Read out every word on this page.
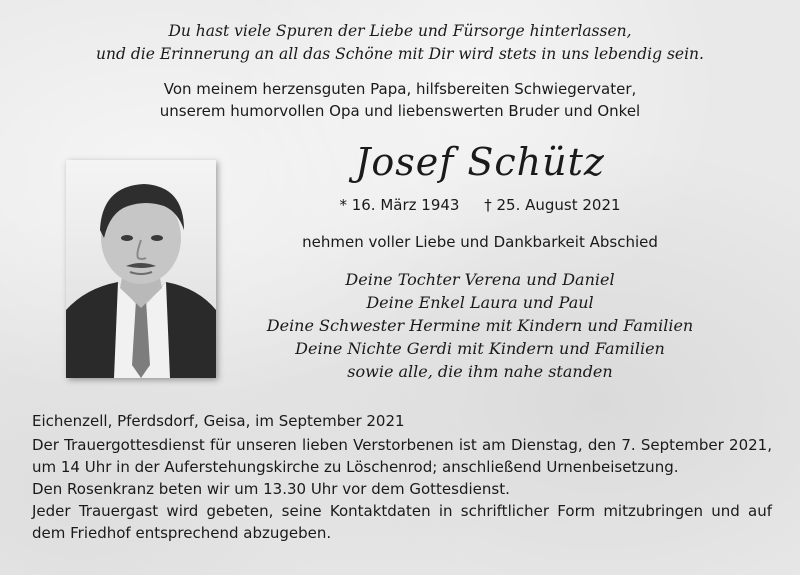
Du hast viele Spuren der Liebe und Fürsorge hinterlassen,
und die Erinnerung an all das Schöne mit Dir wird stets in uns lebendig sein.
Von meinem herzensguten Papa, hilfsbereiten Schwiegervater,
unserem humorvollen Opa und liebenswerten Bruder und Onkel
Josef Schütz
* 16. März 1943 † 25. August 2021
nehmen voller Liebe und Dankbarkeit Abschied
Deine Tochter Verena und Daniel
Deine Enkel Laura und Paul
Deine Schwester Hermine mit Kindern und Familien
Deine Nichte Gerdi mit Kindern und Familien
sowie alle, die ihm nahe standen
Eichenzell, Pferdsdorf, Geisa, im September 2021
Der Trauergottesdienst für unseren lieben Verstorbenen ist am Dienstag, den 7. September 2021,
um 14 Uhr in der Auferstehungskirche zu Löschenrod; anschließend Urnenbeisetzung.
Den Rosenkranz beten wir um 13.30 Uhr vor dem Gottesdienst.
Jeder Trauergast wird gebeten, seine Kontaktdaten in schriftlicher Form mitzubringen und auf
dem Friedhof entsprechend abzugeben.
